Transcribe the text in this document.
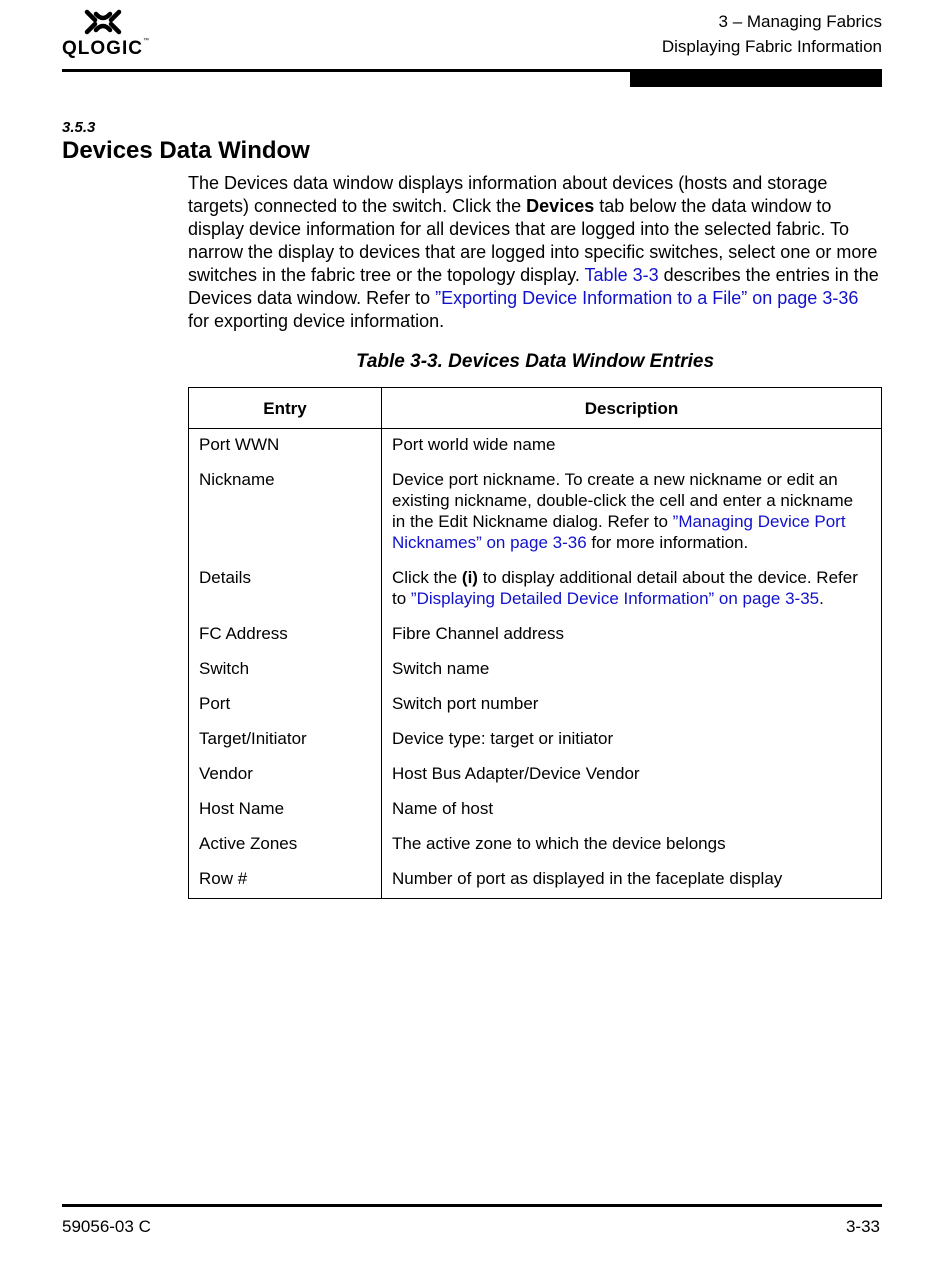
QLOGIC™
3 – Managing Fabrics
Displaying Fabric Information
3.5.3
Devices Data Window

The Devices data window displays information about devices (hosts and storage targets) connected to the switch. Click the Devices tab below the data window to display device information for all devices that are logged into the selected fabric. To narrow the display to devices that are logged into specific switches, select one or more switches in the fabric tree or the topology display. Table 3-3 describes the entries in the Devices data window. Refer to ”Exporting Device Information to a File” on page 3-36 for exporting device information.

Table 3-3. Devices Data Window Entries
Entry	Description
Port WWN	Port world wide name
Nickname	Device port nickname. To create a new nickname or edit an existing nickname, double-click the cell and enter a nickname in the Edit Nickname dialog. Refer to ”Managing Device Port Nicknames” on page 3-36 for more information.
Details	Click the (i) to display additional detail about the device. Refer to ”Displaying Detailed Device Information” on page 3-35.
FC Address	Fibre Channel address
Switch	Switch name
Port	Switch port number
Target/Initiator	Device type: target or initiator
Vendor	Host Bus Adapter/Device Vendor
Host Name	Name of host
Active Zones	The active zone to which the device belongs
Row #	Number of port as displayed in the faceplate display
59056-03 C	3-33
